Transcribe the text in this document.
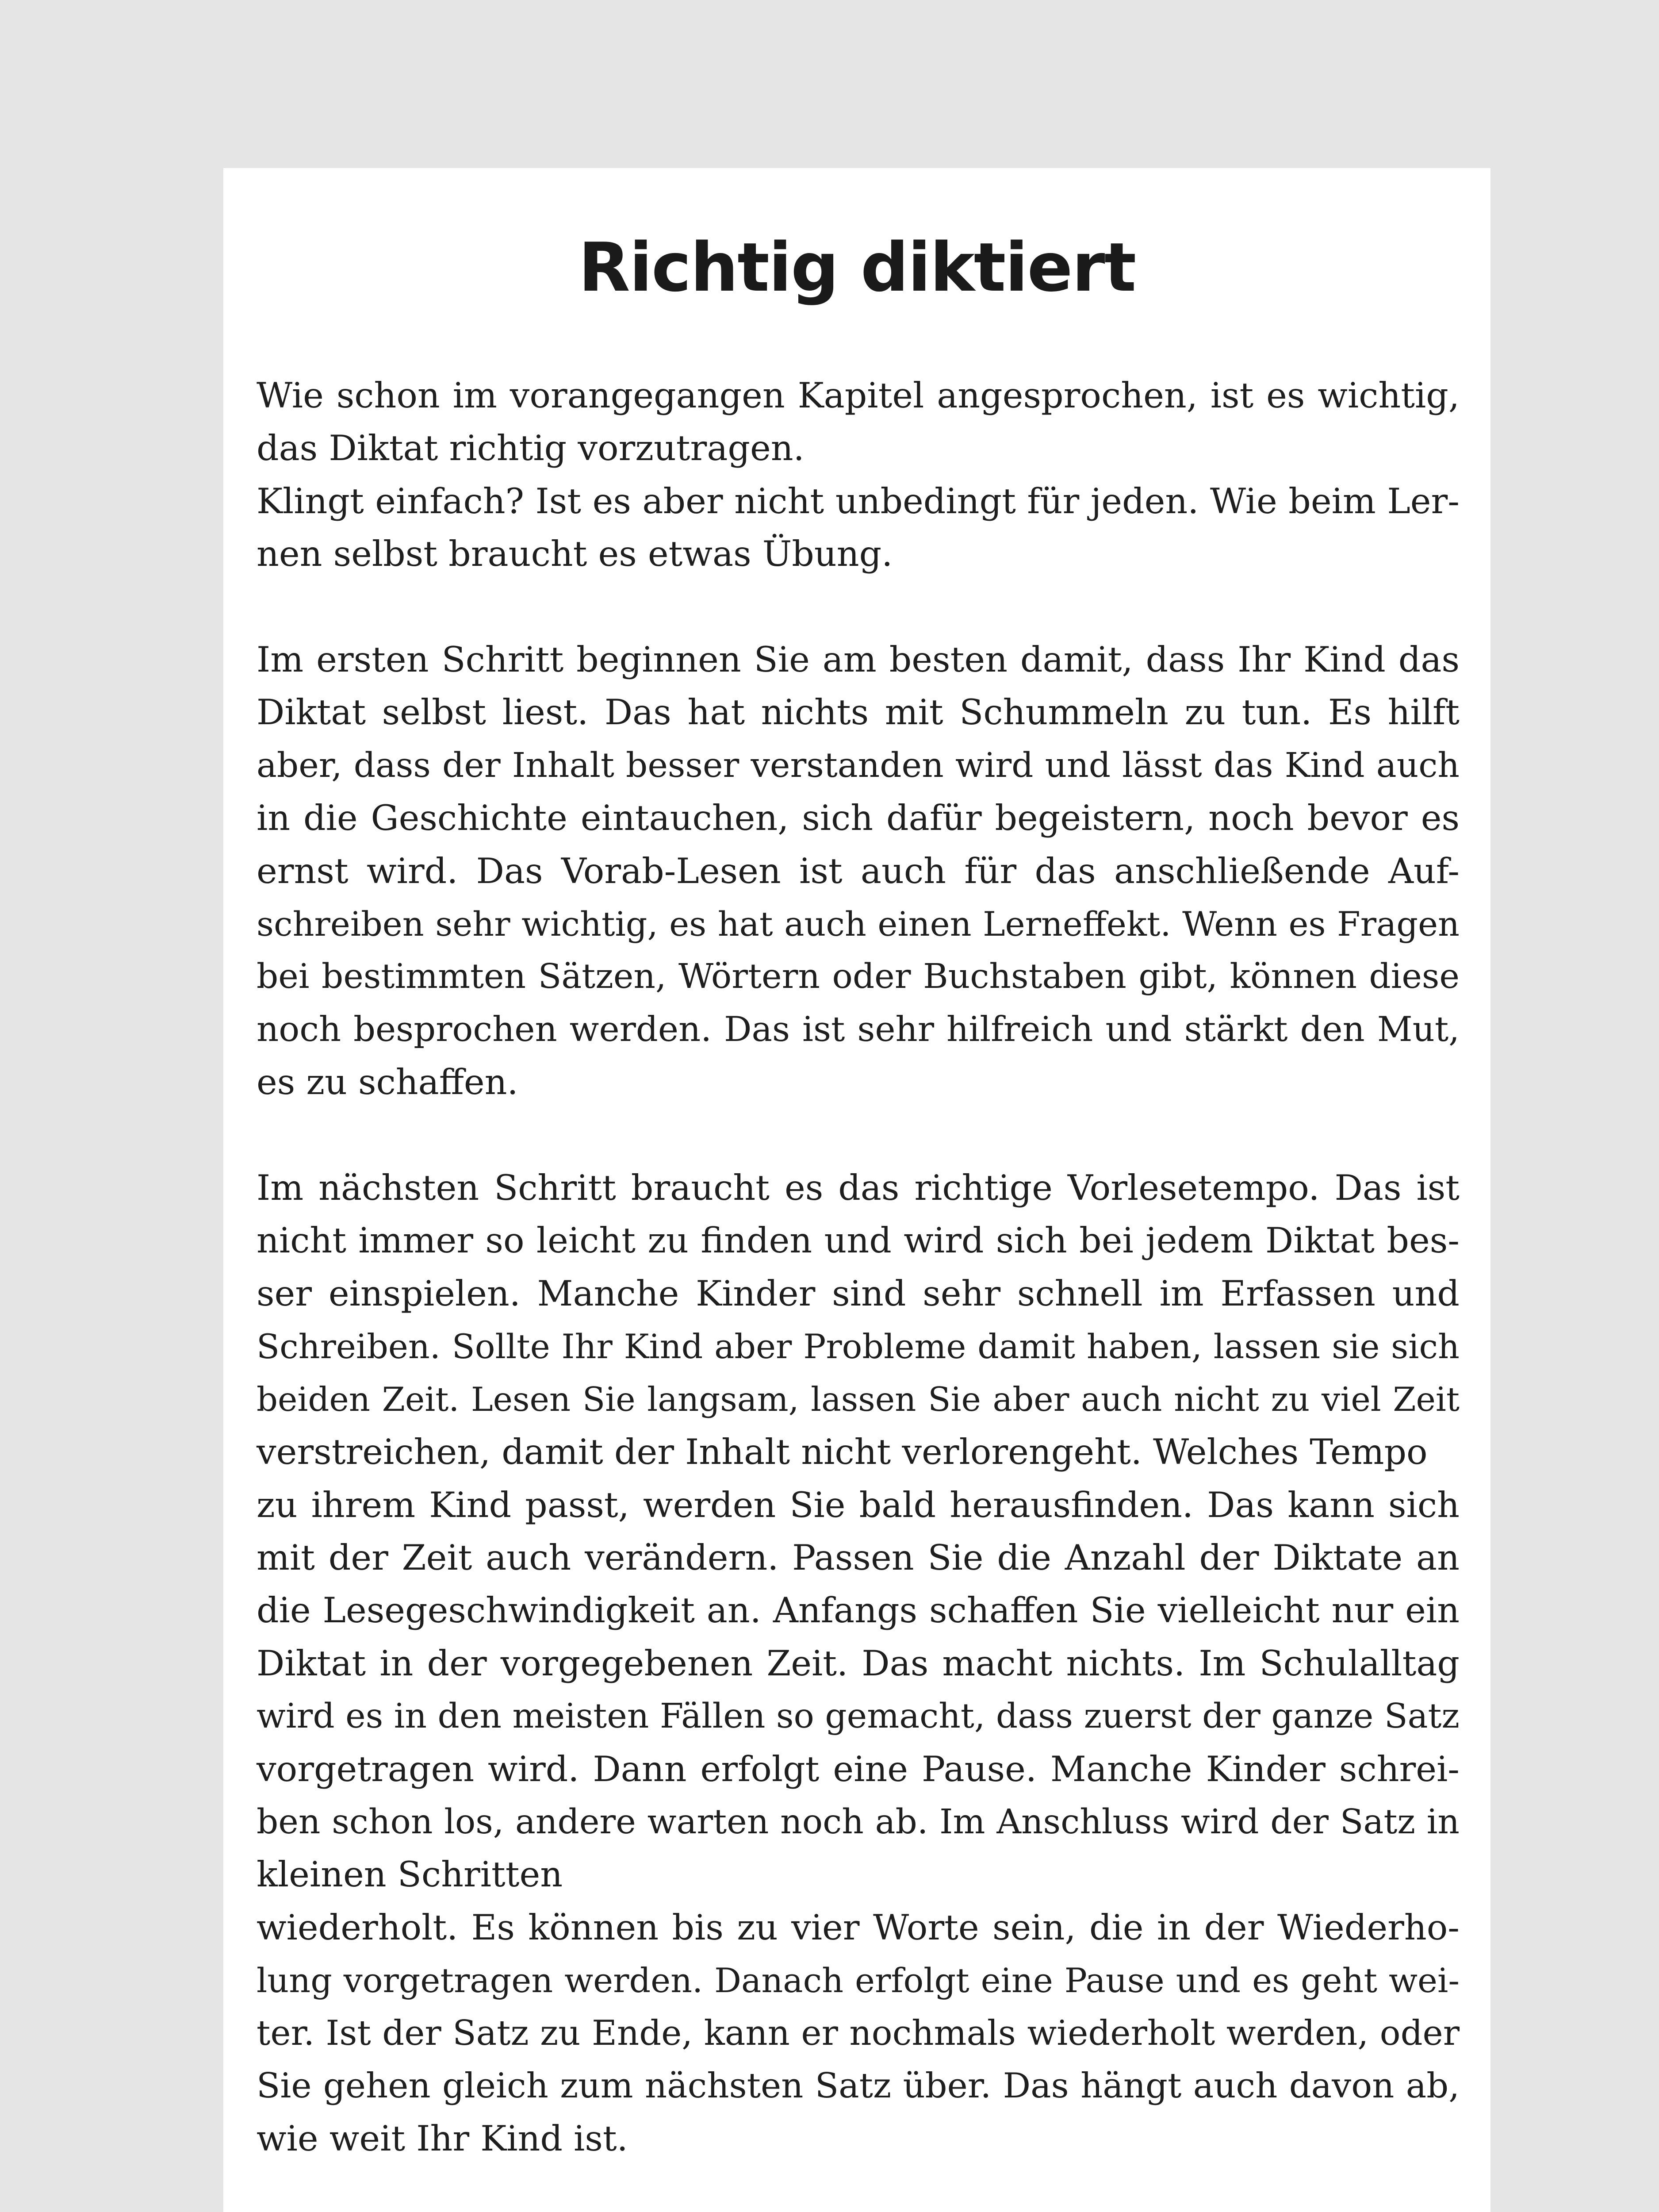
Richtig diktiert

Wie schon im vorangegangen Kapitel angesprochen, ist es wichtig,
das Diktat richtig vorzutragen.
Klingt einfach? Ist es aber nicht unbedingt für jeden. Wie beim Ler-
nen selbst braucht es etwas Übung.

Im ersten Schritt beginnen Sie am besten damit, dass Ihr Kind das
Diktat selbst liest. Das hat nichts mit Schummeln zu tun. Es hilft
aber, dass der Inhalt besser verstanden wird und lässt das Kind auch
in die Geschichte eintauchen, sich dafür begeistern, noch bevor es
ernst wird. Das Vorab-Lesen ist auch für das anschließende Auf-
schreiben sehr wichtig, es hat auch einen Lerneffekt. Wenn es Fragen
bei bestimmten Sätzen, Wörtern oder Buchstaben gibt, können diese
noch besprochen werden. Das ist sehr hilfreich und stärkt den Mut,
es zu schaffen.

Im nächsten Schritt braucht es das richtige Vorlesetempo. Das ist
nicht immer so leicht zu finden und wird sich bei jedem Diktat bes-
ser einspielen. Manche Kinder sind sehr schnell im Erfassen und
Schreiben. Sollte Ihr Kind aber Probleme damit haben, lassen sie sich
beiden Zeit. Lesen Sie langsam, lassen Sie aber auch nicht zu viel Zeit
verstreichen, damit der Inhalt nicht verlorengeht. Welches Tempo
zu ihrem Kind passt, werden Sie bald herausfinden. Das kann sich
mit der Zeit auch verändern. Passen Sie die Anzahl der Diktate an
die Lesegeschwindigkeit an. Anfangs schaffen Sie vielleicht nur ein
Diktat in der vorgegebenen Zeit. Das macht nichts. Im Schulalltag
wird es in den meisten Fällen so gemacht, dass zuerst der ganze Satz
vorgetragen wird. Dann erfolgt eine Pause. Manche Kinder schrei-
ben schon los, andere warten noch ab. Im Anschluss wird der Satz in
kleinen Schritten
wiederholt. Es können bis zu vier Worte sein, die in der Wiederho-
lung vorgetragen werden. Danach erfolgt eine Pause und es geht wei-
ter. Ist der Satz zu Ende, kann er nochmals wiederholt werden, oder
Sie gehen gleich zum nächsten Satz über. Das hängt auch davon ab,
wie weit Ihr Kind ist.
